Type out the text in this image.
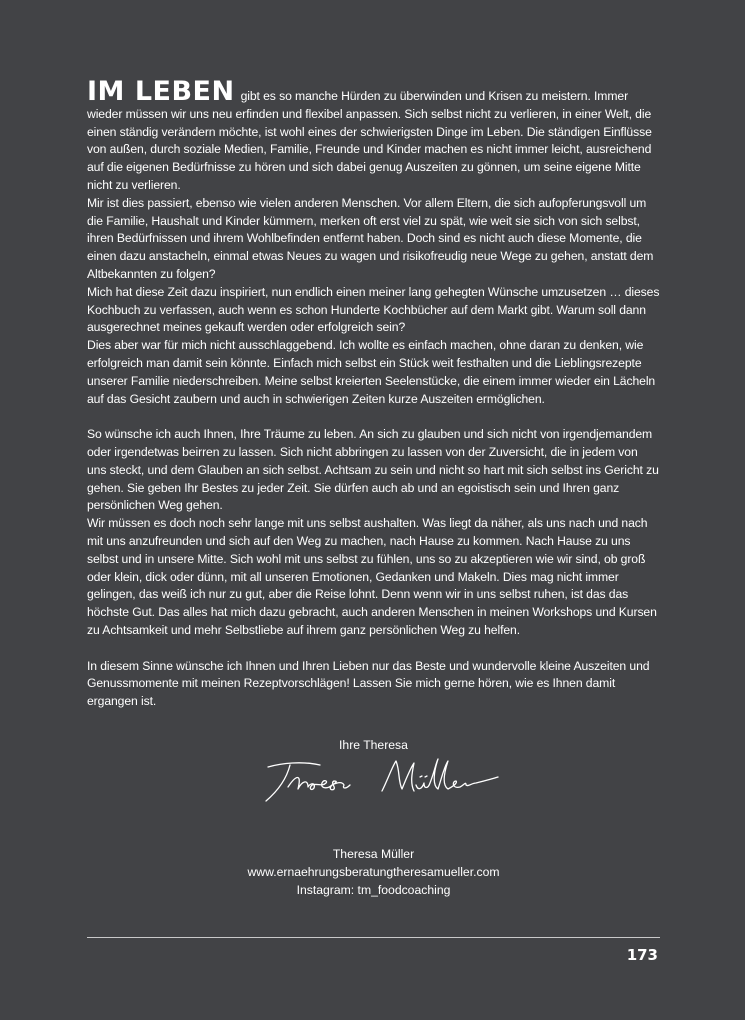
IM LEBEN gibt es so manche Hürden zu überwinden und Krisen zu meistern. Immer wieder müssen wir uns neu erfinden und flexibel anpassen. Sich selbst nicht zu verlieren, in einer Welt, die einen ständig verändern möchte, ist wohl eines der schwierigsten Dinge im Leben. Die ständigen Einflüsse von außen, durch soziale Medien, Familie, Freunde und Kinder machen es nicht immer leicht, ausreichend auf die eigenen Bedürfnisse zu hören und sich dabei genug Auszeiten zu gönnen, um seine eigene Mitte nicht zu verlieren.

Mir ist dies passiert, ebenso wie vielen anderen Menschen. Vor allem Eltern, die sich aufopferungsvoll um die Familie, Haushalt und Kinder kümmern, merken oft erst viel zu spät, wie weit sie sich von sich selbst, ihren Bedürfnissen und ihrem Wohlbefinden entfernt haben. Doch sind es nicht auch diese Momente, die einen dazu anstacheln, einmal etwas Neues zu wagen und risikofreudig neue Wege zu gehen, anstatt dem Altbekannten zu folgen?

Mich hat diese Zeit dazu inspiriert, nun endlich einen meiner lang gehegten Wünsche umzusetzen … dieses Kochbuch zu verfassen, auch wenn es schon Hunderte Kochbücher auf dem Markt gibt. Warum soll dann ausgerechnet meines gekauft werden oder erfolgreich sein?

Dies aber war für mich nicht ausschlaggebend. Ich wollte es einfach machen, ohne daran zu denken, wie erfolgreich man damit sein könnte. Einfach mich selbst ein Stück weit festhalten und die Lieblingsrezepte unserer Familie niederschreiben. Meine selbst kreierten Seelenstücke, die einem immer wieder ein Lächeln auf das Gesicht zaubern und auch in schwierigen Zeiten kurze Auszeiten ermöglichen.

So wünsche ich auch Ihnen, Ihre Träume zu leben. An sich zu glauben und sich nicht von irgendjemandem oder irgendetwas beirren zu lassen. Sich nicht abbringen zu lassen von der Zuversicht, die in jedem von uns steckt, und dem Glauben an sich selbst. Achtsam zu sein und nicht so hart mit sich selbst ins Gericht zu gehen. Sie geben Ihr Bestes zu jeder Zeit. Sie dürfen auch ab und an egoistisch sein und Ihren ganz persönlichen Weg gehen.

Wir müssen es doch noch sehr lange mit uns selbst aushalten. Was liegt da näher, als uns nach und nach mit uns anzufreunden und sich auf den Weg zu machen, nach Hause zu kommen. Nach Hause zu uns selbst und in unsere Mitte. Sich wohl mit uns selbst zu fühlen, uns so zu akzeptieren wie wir sind, ob groß oder klein, dick oder dünn, mit all unseren Emotionen, Gedanken und Makeln. Dies mag nicht immer gelingen, das weiß ich nur zu gut, aber die Reise lohnt. Denn wenn wir in uns selbst ruhen, ist das das höchste Gut. Das alles hat mich dazu gebracht, auch anderen Menschen in meinen Workshops und Kursen zu Achtsamkeit und mehr Selbstliebe auf ihrem ganz persönlichen Weg zu helfen.

In diesem Sinne wünsche ich Ihnen und Ihren Lieben nur das Beste und wundervolle kleine Auszeiten und Genussmomente mit meinen Rezeptvorschlägen! Lassen Sie mich gerne hören, wie es Ihnen damit ergangen ist.

Ihre Theresa
Theresa Müller
www.ernaehrungsberatungtheresamueller.com
Instagram: tm_foodcoaching
173
